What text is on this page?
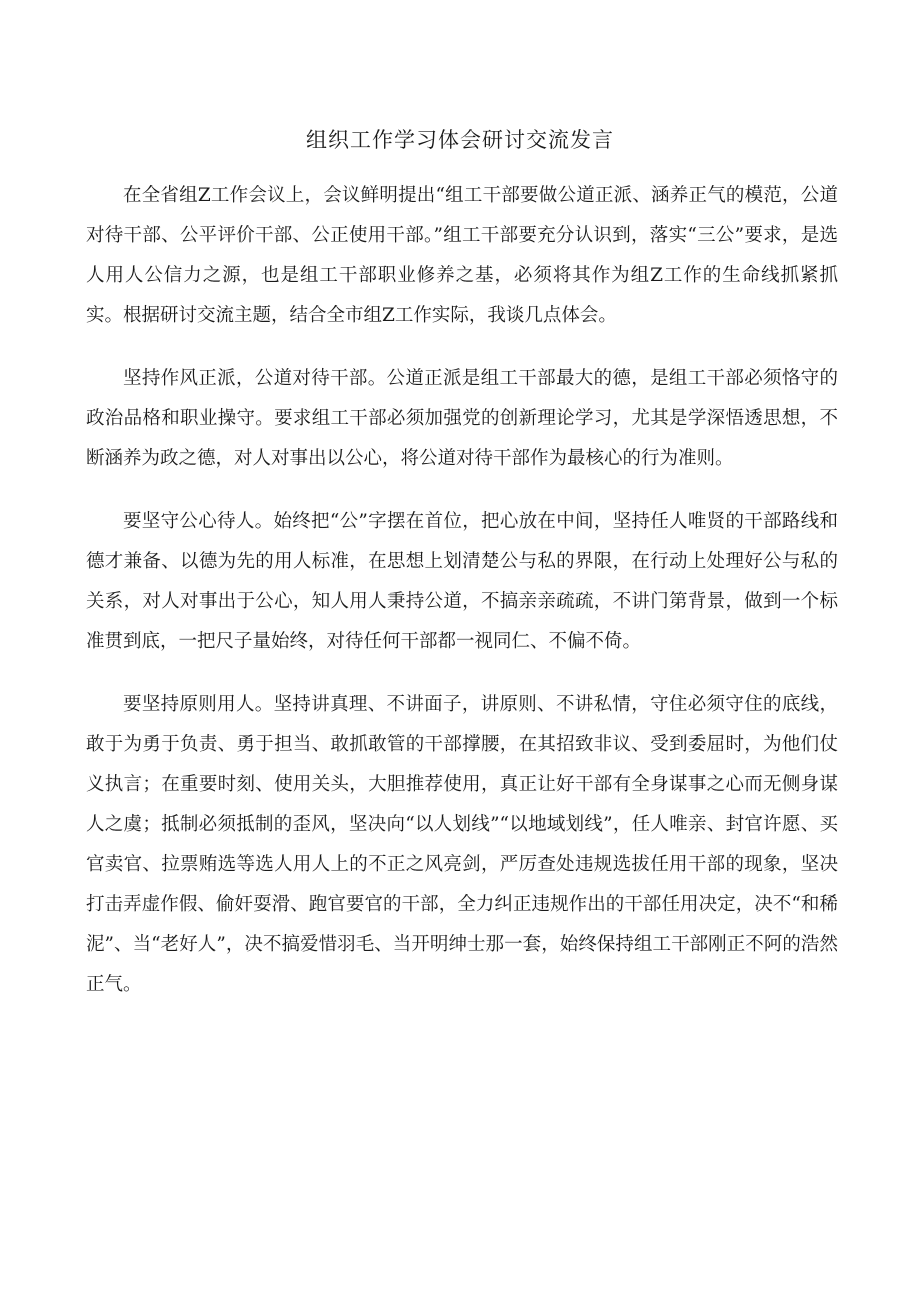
组织工作学习体会研讨交流发言

在全省组Z工作会议上，会议鲜明提出“组工干部要做公道正派、涵养正气的模范，公道对待干部、公平评价干部、公正使用干部。”组工干部要充分认识到，落实“三公”要求，是选人用人公信力之源，也是组工干部职业修养之基，必须将其作为组Z工作的生命线抓紧抓实。根据研讨交流主题，结合全市组Z工作实际，我谈几点体会。

坚持作风正派，公道对待干部。公道正派是组工干部最大的德，是组工干部必须恪守的政治品格和职业操守。要求组工干部必须加强党的创新理论学习，尤其是学深悟透思想，不断涵养为政之德，对人对事出以公心，将公道对待干部作为最核心的行为准则。

要坚守公心待人。始终把“公”字摆在首位，把心放在中间，坚持任人唯贤的干部路线和德才兼备、以德为先的用人标准，在思想上划清楚公与私的界限，在行动上处理好公与私的关系，对人对事出于公心，知人用人秉持公道，不搞亲亲疏疏，不讲门第背景，做到一个标准贯到底，一把尺子量始终，对待任何干部都一视同仁、不偏不倚。

要坚持原则用人。坚持讲真理、不讲面子，讲原则、不讲私情，守住必须守住的底线，敢于为勇于负责、勇于担当、敢抓敢管的干部撑腰，在其招致非议、受到委屈时，为他们仗义执言；在重要时刻、使用关头，大胆推荐使用，真正让好干部有全身谋事之心而无侧身谋人之虞；抵制必须抵制的歪风，坚决向“以人划线”“以地域划线”，任人唯亲、封官许愿、买官卖官、拉票贿选等选人用人上的不正之风亮剑，严厉查处违规选拔任用干部的现象，坚决打击弄虚作假、偷奸耍滑、跑官要官的干部，全力纠正违规作出的干部任用决定，决不“和稀泥”、当“老好人”，决不搞爱惜羽毛、当开明绅士那一套，始终保持组工干部刚正不阿的浩然正气。
